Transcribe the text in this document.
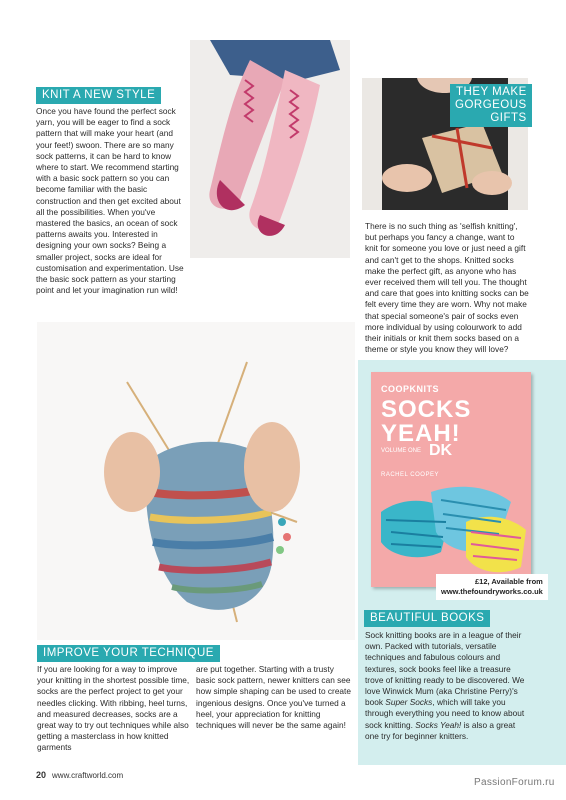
KNIT A NEW STYLE

Once you have found the perfect sock yarn, you will be eager to find a sock pattern that will make your heart (and your feet!) swoon. There are so many sock patterns, it can be hard to know where to start. We recommend starting with a basic sock pattern so you can become familiar with the basic construction and then get excited about all the possibilities. When you've mastered the basics, an ocean of sock patterns awaits you. Interested in designing your own socks? Being a smaller project, socks are ideal for customisation and experimentation. Use the basic sock pattern as your starting point and let your imagination run wild!

THEY MAKE
GORGEOUS
GIFTS

There is no such thing as 'selfish knitting', but perhaps you fancy a change, want to knit for someone you love or just need a gift and can't get to the shops. Knitted socks make the perfect gift, as anyone who has ever received them will tell you. The thought and care that goes into knitting socks can be felt every time they are worn. Why not make that special someone's pair of socks even more individual by using colourwork to add their initials or knit them socks based on a theme or style you know they will love?

IMPROVE YOUR TECHNIQUE

If you are looking for a way to improve your knitting in the shortest possible time, socks are the perfect project to get your needles clicking. With ribbing, heel turns, and measured decreases, socks are a great way to try out techniques while also getting a masterclass in how knitted garments

are put together. Starting with a trusty basic sock pattern, newer knitters can see how simple shaping can be used to create ingenious designs. Once you've turned a heel, your appreciation for knitting techniques will never be the same again!

COOPKNITS
SOCKS
YEAH!
VOLUME ONE DK
RACHEL COOPEY
£12, Available from
www.thefoundryworks.co.uk
BEAUTIFUL BOOKS

Sock knitting books are in a league of their own. Packed with tutorials, versatile techniques and fabulous colours and textures, sock books feel like a treasure trove of knitting ready to be discovered. We love Winwick Mum (aka Christine Perry)'s book Super Socks, which will take you through everything you need to know about sock knitting. Socks Yeah! is also a great one try for beginner knitters.

20 www.craftworld.com
PassionForum.ru
